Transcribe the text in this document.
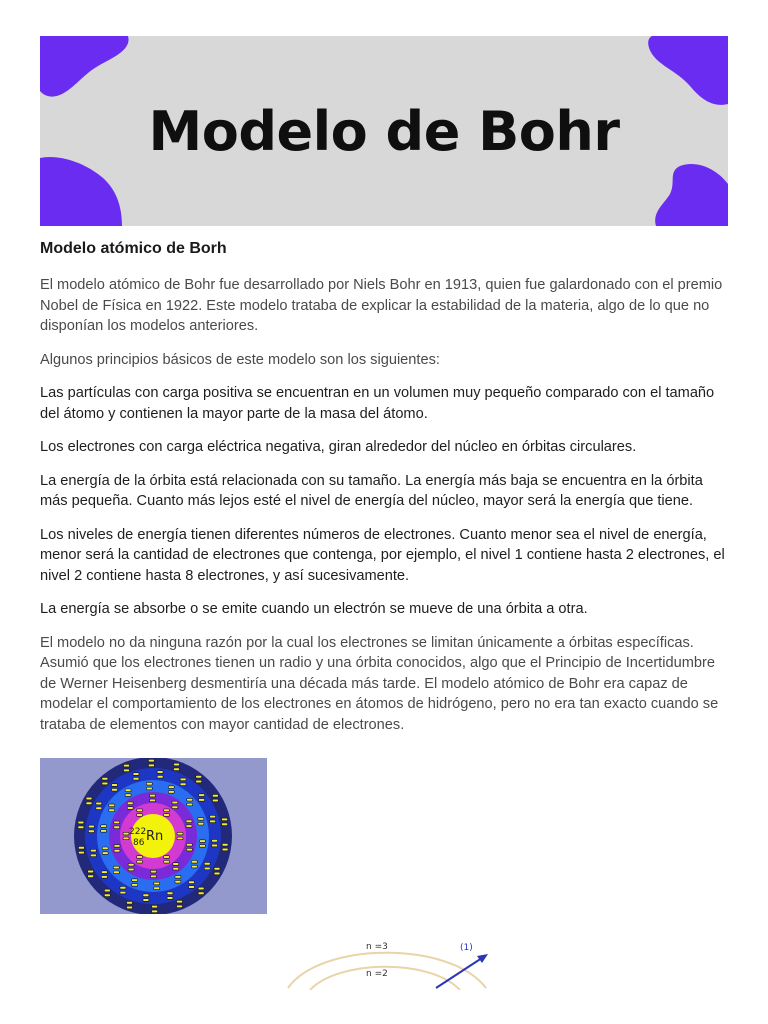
Modelo de Bohr
Modelo atómico de Borh

El modelo atómico de Bohr fue desarrollado por Niels Bohr en 1913, quien fue galardonado con el premio Nobel de Física en 1922. Este modelo trataba de explicar la estabilidad de la materia, algo de lo que no disponían los modelos anteriores.

Algunos principios básicos de este modelo son los siguientes:

Las partículas con carga positiva se encuentran en un volumen muy pequeño comparado con el tamaño del átomo y contienen la mayor parte de la masa del átomo.

Los electrones con carga eléctrica negativa, giran alrededor del núcleo en órbitas circulares.

La energía de la órbita está relacionada con su tamaño. La energía más baja se encuentra en la órbita más pequeña. Cuanto más lejos esté el nivel de energía del núcleo, mayor será la energía que tiene.

Los niveles de energía tienen diferentes números de electrones. Cuanto menor sea el nivel de energía, menor será la cantidad de electrones que contenga, por ejemplo, el nivel 1 contiene hasta 2 electrones, el nivel 2 contiene hasta 8 electrones, y así sucesivamente.

La energía se absorbe o se emite cuando un electrón se mueve de una órbita a otra.

El modelo no da ninguna razón por la cual los electrones se limitan únicamente a órbitas específicas. Asumió que los electrones tienen un radio y una órbita conocidos, algo que el Principio de Incertidumbre de Werner Heisenberg desmentiría una década más tarde. El modelo atómico de Bohr era capaz de modelar el comportamiento de los electrones en átomos de hidrógeno, pero no era tan exacto cuando se trataba de elementos con mayor cantidad de electrones.

222 Rn
86
n =3
n =2
(1)
